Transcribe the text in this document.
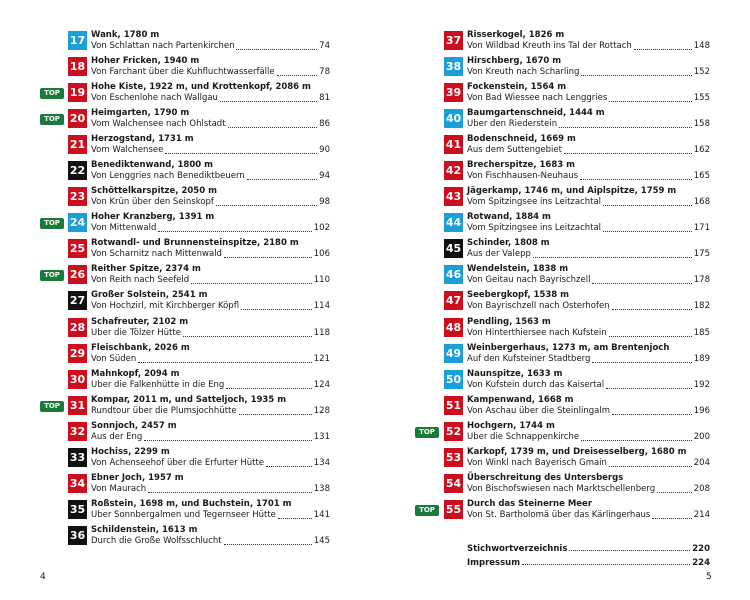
17 Wank, 1780 m
Von Schlattan nach Partenkirchen	74
18 Hoher Fricken, 1940 m
Von Farchant über die Kuhfluchtwasserfälle	78
TOP 19 Hohe Kiste, 1922 m, und Krottenkopf, 2086 m
Von Eschenlohe nach Wallgau	81
TOP 20 Heimgarten, 1790 m
Vom Walchensee nach Ohlstadt	86
21 Herzogstand, 1731 m
Vom Walchensee	90
22 Benediktenwand, 1800 m
Von Lenggries nach Benediktbeuern	94
23 Schöttelkarspitze, 2050 m
Von Krün über den Seinskopf	98
TOP 24 Hoher Kranzberg, 1391 m
Von Mittenwald	102
25 Rotwandl- und Brunnensteinspitze, 2180 m
Von Scharnitz nach Mittenwald	106
TOP 26 Reither Spitze, 2374 m
Von Reith nach Seefeld	110
27 Großer Solstein, 2541 m
Von Hochzirl, mit Kirchberger Köpfl	114
28 Schafreuter, 2102 m
Über die Tölzer Hütte	118
29 Fleischbank, 2026 m
Von Süden	121
30 Mahnkopf, 2094 m
Über die Falkenhütte in die Eng	124
TOP 31 Kompar, 2011 m, und Satteljoch, 1935 m
Rundtour über die Plumsjochhütte	128
32 Sonnjoch, 2457 m
Aus der Eng	131
33 Hochiss, 2299 m
Von Achenseehof über die Erfurter Hütte	134
34 Ebner Joch, 1957 m
Von Maurach	138
35 Roßstein, 1698 m, und Buchstein, 1701 m
Über Sonnbergalmen und Tegernseer Hütte	141
36 Schildenstein, 1613 m
Durch die Große Wolfsschlucht	145
37 Risserkogel, 1826 m
Von Wildbad Kreuth ins Tal der Rottach	148
38 Hirschberg, 1670 m
Von Kreuth nach Scharling	152
39 Fockenstein, 1564 m
Von Bad Wiessee nach Lenggries	155
40 Baumgartenschneid, 1444 m
Über den Riederstein	158
41 Bodenschneid, 1669 m
Aus dem Suttengebiet	162
42 Brecherspitze, 1683 m
Von Fischhausen-Neuhaus	165
43 Jägerkamp, 1746 m, und Aiplspitze, 1759 m
Vom Spitzingsee ins Leitzachtal	168
44 Rotwand, 1884 m
Vom Spitzingsee ins Leitzachtal	171
45 Schinder, 1808 m
Aus der Valepp	175
46 Wendelstein, 1838 m
Von Geitau nach Bayrischzell	178
47 Seebergkopf, 1538 m
Von Bayrischzell nach Osterhofen	182
48 Pendling, 1563 m
Von Hinterthiersee nach Kufstein	185
49 Weinbergerhaus, 1273 m, am Brentenjoch
Auf den Kufsteiner Stadtberg	189
50 Naunspitze, 1633 m
Von Kufstein durch das Kaisertal	192
51 Kampenwand, 1668 m
Von Aschau über die Steinlingalm	196
TOP 52 Hochgern, 1744 m
Über die Schnappenkirche	200
53 Karkopf, 1739 m, und Dreisesselberg, 1680 m
Von Winkl nach Bayerisch Gmain	204
54 Überschreitung des Untersbergs
Von Bischofswiesen nach Marktschellenberg	208
TOP 55 Durch das Steinerne Meer
Von St. Bartholomä über das Kärlingerhaus	214
Stichwortverzeichnis	220
Impressum	224
4	5
